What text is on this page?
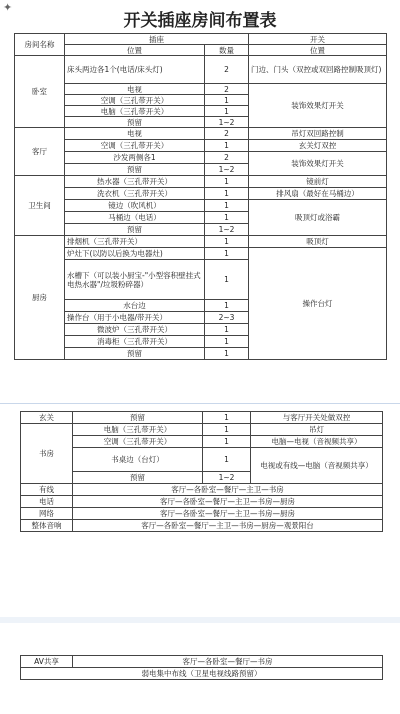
✦
开关插座房间布置表
房间名称	插座		开关
	位置	数量	位置
卧室	床头两边各1个(电话/床头灯)	2	门边、门头（双控或双回路控制吸顶灯)
	电视	2	装饰效果灯开关
	空调（三孔带开关）	1	
	电脑（三孔带开关）	1	
	预留	1~2	
客厅	电视	2	吊灯双回路控制
	空调（三孔带开关）	1	玄关灯双控
	沙发两侧各1	2	装饰效果灯开关
	预留	1~2	
卫生间	热水器（三孔带开关）	1	镜前灯
	洗衣机（三孔带开关）	1	排风扇（最好在马桶边）
	镜边（吹风机）	1	吸顶灯或浴霸
	马桶边（电话）	1	
	预留	1~2	
厨房	排烟机（三孔带开关）	1	吸顶灯
	炉灶下(以防以后换为电器灶)	1	操作台灯
	水槽下（可以装小厨宝-"小型容积壁挂式电热水器"/垃圾粉碎器）	1	
	水台边	1	
	操作台（用于小电器/带开关）	2~3	
	微波炉（三孔带开关）	1	
	消毒柜（三孔带开关）	1	
	预留	1	
玄关	预留	1	与客厅开关处做双控
书房	电脑（三孔带开关）	1	吊灯
	空调（三孔带开关）	1	电脑—电视（音视频共享）
	书桌边（台灯）	1	电视或有线—电脑（音视频共享）
	预留	1~2	
有线	客厅—各卧室—餐厅—主卫—书房		
电话	客厅—各卧室—餐厅—主卫—书房—厨房		
网络	客厅—各卧室—餐厅—主卫—书房—厨房		
整体音响	客厅—各卧室—餐厅—主卫—书房—厨房—观景阳台		
AV共享	客厅—各卧室—餐厅—书房
弱电集中布线（卫星电视线路预留）
